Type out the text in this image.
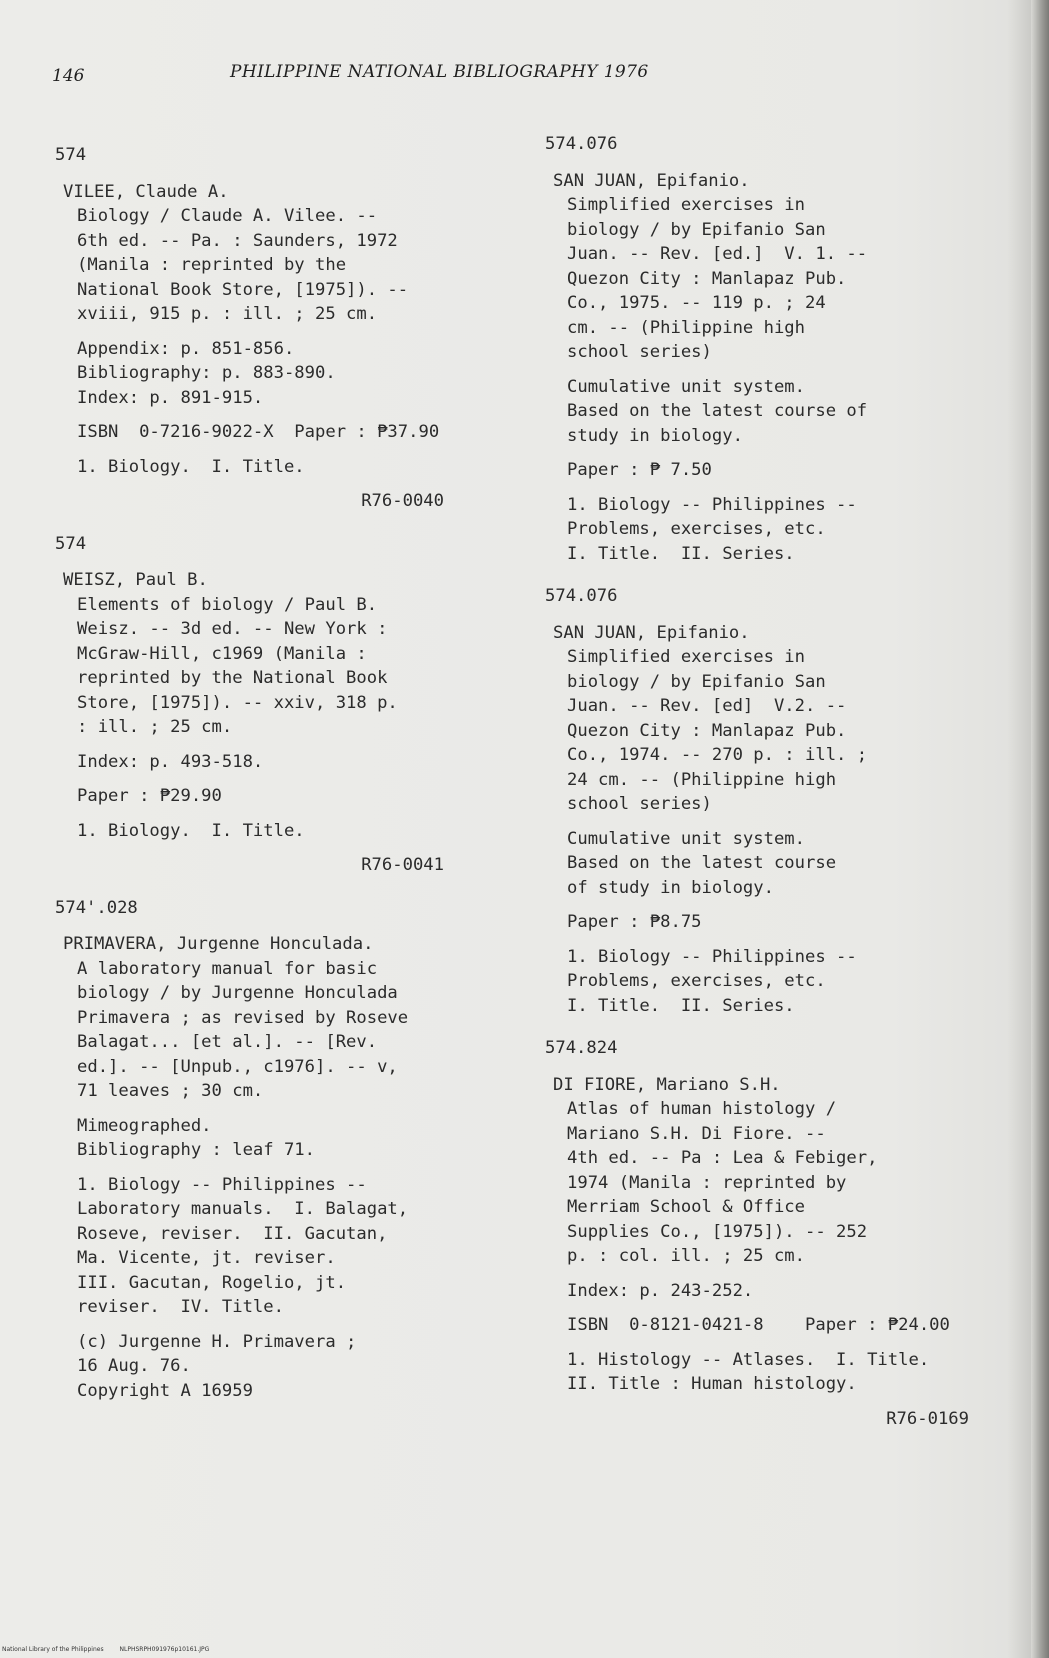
146	PHILIPPINE NATIONAL BIBLIOGRAPHY 1976
574
VILEE, Claude A.
Biology / Claude A. Vilee. --
6th ed. -- Pa. : Saunders, 1972
(Manila : reprinted by the
National Book Store, [1975]). --
xviii, 915 p. : ill. ; 25 cm.
Appendix: p. 851-856.
Bibliography: p. 883-890.
Index: p. 891-915.
ISBN  0-7216-9022-X  Paper : ₱37.90
1. Biology.  I. Title.
R76-0040
574
WEISZ, Paul B.
Elements of biology / Paul B.
Weisz. -- 3d ed. -- New York :
McGraw-Hill, c1969 (Manila :
reprinted by the National Book
Store, [1975]). -- xxiv, 318 p.
: ill. ; 25 cm.
Index: p. 493-518.
Paper : ₱29.90
1. Biology.  I. Title.
R76-0041
574'.028
PRIMAVERA, Jurgenne Honculada.
A laboratory manual for basic
biology / by Jurgenne Honculada
Primavera ; as revised by Roseve
Balagat... [et al.]. -- [Rev.
ed.]. -- [Unpub., c1976]. -- v,
71 leaves ; 30 cm.
Mimeographed.
Bibliography : leaf 71.
1. Biology -- Philippines --
Laboratory manuals.  I. Balagat,
Roseve, reviser.  II. Gacutan,
Ma. Vicente, jt. reviser.
III. Gacutan, Rogelio, jt.
reviser.  IV. Title.
(c) Jurgenne H. Primavera ;
16 Aug. 76.
Copyright A 16959
574.076
SAN JUAN, Epifanio.
Simplified exercises in
biology / by Epifanio San
Juan. -- Rev. [ed.]  V. 1. --
Quezon City : Manlapaz Pub.
Co., 1975. -- 119 p. ; 24
cm. -- (Philippine high
school series)
Cumulative unit system.
Based on the latest course of
study in biology.
Paper : ₱ 7.50
1. Biology -- Philippines --
Problems, exercises, etc.
I. Title.  II. Series.
574.076
SAN JUAN, Epifanio.
Simplified exercises in
biology / by Epifanio San
Juan. -- Rev. [ed]  V.2. --
Quezon City : Manlapaz Pub.
Co., 1974. -- 270 p. : ill. ;
24 cm. -- (Philippine high
school series)
Cumulative unit system.
Based on the latest course
of study in biology.
Paper : ₱8.75
1. Biology -- Philippines --
Problems, exercises, etc.
I. Title.  II. Series.
574.824
DI FIORE, Mariano S.H.
Atlas of human histology /
Mariano S.H. Di Fiore. --
4th ed. -- Pa : Lea & Febiger,
1974 (Manila : reprinted by
Merriam School & Office
Supplies Co., [1975]). -- 252
p. : col. ill. ; 25 cm.
Index: p. 243-252.
ISBN  0-8121-0421-8    Paper : ₱24.00
1. Histology -- Atlases.  I. Title.
II. Title : Human histology.
R76-0169
National Library of the Philippines	NLPHSRPH091976p10161.JPG
